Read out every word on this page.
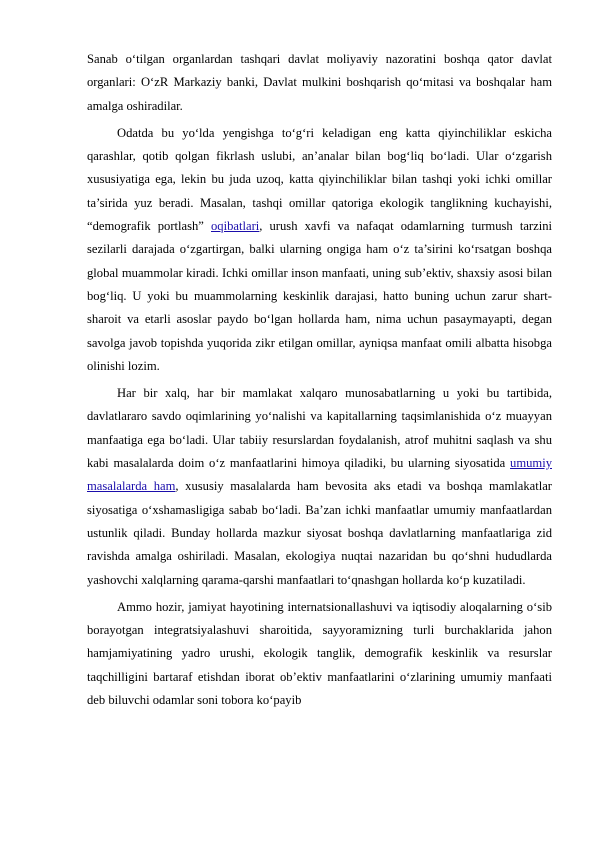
Sanab o‘tilgan organlardan tashqari davlat moliyaviy nazoratini boshqa qator davlat organlari: O‘zR Markaziy banki, Davlat mulkini boshqarish qo‘mitasi va boshqalar ham amalga oshiradilar.

Odatda bu yo‘lda yengishga to‘g‘ri keladigan eng katta qiyinchiliklar eskicha qarashlar, qotib qolgan fikrlash uslubi, an’analar bilan bog‘liq bo‘ladi. Ular o‘zgarish xususiyatiga ega, lekin bu juda uzoq, katta qiyinchiliklar bilan tashqi yoki ichki omillar ta’sirida yuz beradi. Masalan, tashqi omillar qatoriga ekologik tanglikning kuchayishi, “demografik portlash” oqibatlari, urush xavfi va nafaqat odamlarning turmush tarzini sezilarli darajada o‘zgartirgan, balki ularning ongiga ham o‘z ta’sirini ko‘rsatgan boshqa global muammolar kiradi. Ichki omillar inson manfaati, uning sub’ektiv, shaxsiy asosi bilan bog‘liq. U yoki bu muammolarning keskinlik darajasi, hatto buning uchun zarur shart-sharoit va etarli asoslar paydo bo‘lgan hollarda ham, nima uchun pasaymayapti, degan savolga javob topishda yuqorida zikr etilgan omillar, ayniqsa manfaat omili albatta hisobga olinishi lozim.

Har bir xalq, har bir mamlakat xalqaro munosabatlarning u yoki bu tartibida, davlatlararo savdo oqimlarining yo‘nalishi va kapitallarning taqsimlanishida o‘z muayyan manfaatiga ega bo‘ladi. Ular tabiiy resurslardan foydalanish, atrof muhitni saqlash va shu kabi masalalarda doim o‘z manfaatlarini himoya qiladiki, bu ularning siyosatida umumiy masalalarda ham, xususiy masalalarda ham bevosita aks etadi va boshqa mamlakatlar siyosatiga o‘xshamasligiga sabab bo‘ladi. Ba’zan ichki manfaatlar umumiy manfaatlardan ustunlik qiladi. Bunday hollarda mazkur siyosat boshqa davlatlarning manfaatlariga zid ravishda amalga oshiriladi. Masalan, ekologiya nuqtai nazaridan bu qo‘shni hududlarda yashovchi xalqlarning qarama-qarshi manfaatlari to‘qnashgan hollarda ko‘p kuzatiladi.

Ammo hozir, jamiyat hayotining internatsionallashuvi va iqtisodiy aloqalarning o‘sib borayotgan integratsiyalashuvi sharoitida, sayyoramizning turli burchaklarida jahon hamjamiyatining yadro urushi, ekologik tanglik, demografik keskinlik va resurslar taqchilligini bartaraf etishdan iborat ob’ektiv manfaatlarini o‘zlarining umumiy manfaati deb biluvchi odamlar soni tobora ko‘payib
